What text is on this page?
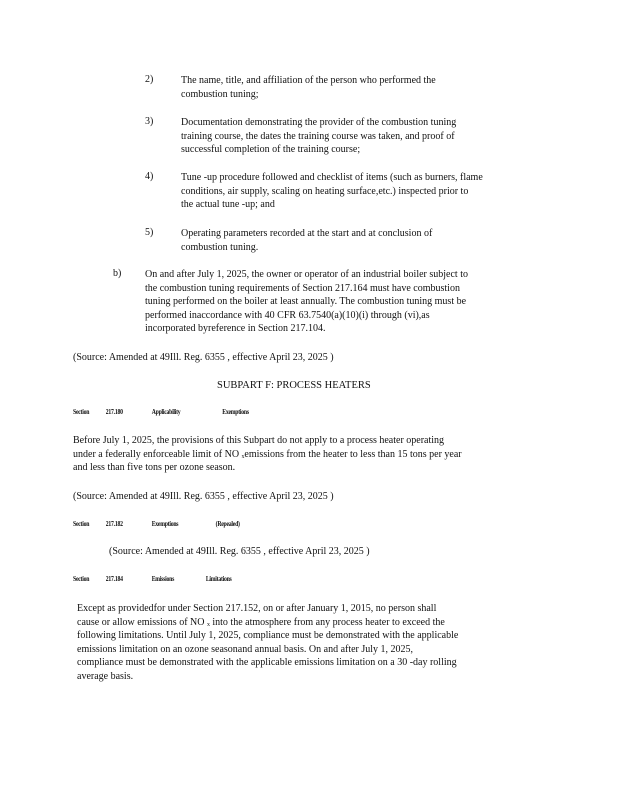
2)	The name, title, and affiliation of the person who performed the
combustion tuning;
3)	Documentation demonstrating the provider of the combustion tuning
training course, the dates the training course was taken, and proof of
successful completion of the training course;
4)	Tune -up procedure followed and checklist of items (such as burners, flame
conditions, air supply, scaling on heating surface,etc.) inspected prior to
the actual tune -up; and
5)	Operating parameters recorded at the start and at conclusion of
combustion tuning.
b) On and after July 1, 2025, the owner or operator of an industrial boiler subject to
the combustion tuning requirements of Section 217.164 must have combustion
tuning performed on the boiler at least annually. The combustion tuning must be
performed inaccordance with 40 CFR 63.7540(a)(10)(i) through (vi),as
incorporated byreference in Section 217.104.
(Source: Amended at 49Ill. Reg. 6355 , effective April 23, 2025 )
SUBPART F: PROCESS HEATERS
Section 217.180	Applicability	Exemptions
Before July 1, 2025, the provisions of this Subpart do not apply to a process heater operating
under a federally enforceable limit of NO ₓemissions from the heater to less than 15 tons per year
and less than five tons per ozone season.
(Source: Amended at 49Ill. Reg. 6355 , effective April 23, 2025 )
Section 217.182	Exemptions	(Repealed)
(Source: Amended at 49Ill. Reg. 6355 , effective April 23, 2025 )
Section 217.184	Emissions	Limitations
Except as providedfor under Section 217.152, on or after January 1, 2015, no person shall
cause or allow emissions of NO ₓ into the atmosphere from any process heater to exceed the
following limitations. Until July 1, 2025, compliance must be demonstrated with the applicable
emissions limitation on an ozone seasonand annual basis. On and after July 1, 2025,
compliance must be demonstrated with the applicable emissions limitation on a 30 -day rolling
average basis.
